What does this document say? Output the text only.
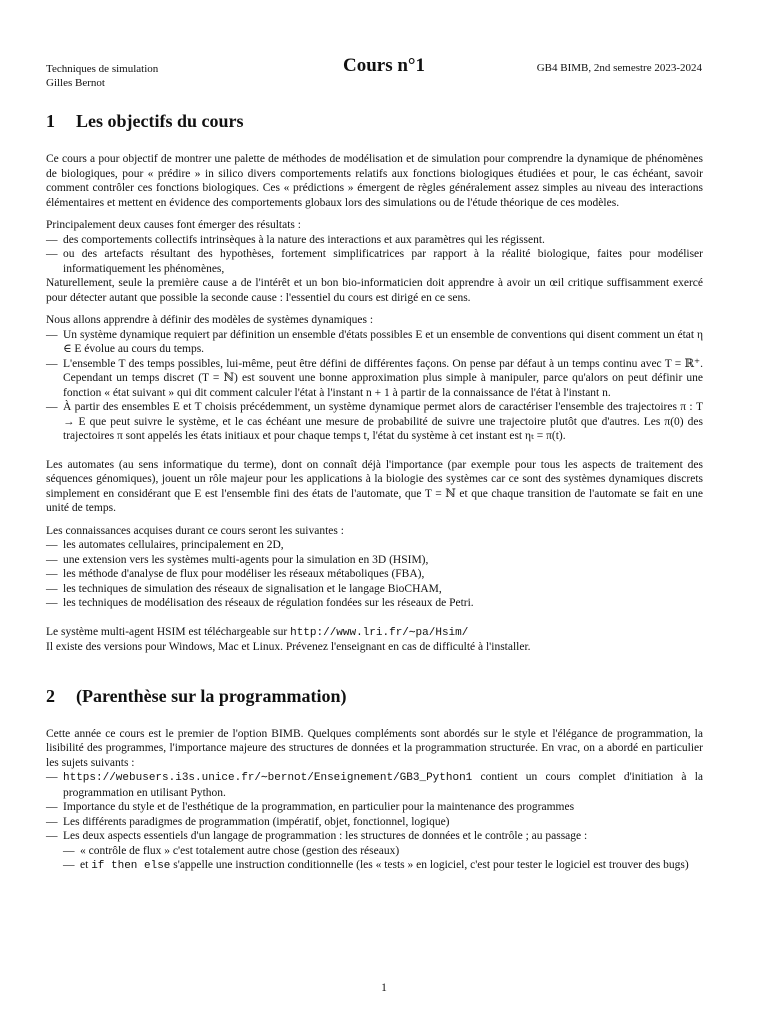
Techniques de simulation
Gilles Bernot
Cours n°1	GB4 BIMB, 2nd semestre 2023-2024
1 Les objectifs du cours

Ce cours a pour objectif de montrer une palette de méthodes de modélisation et de simulation pour comprendre la dynamique de phénomènes de biologiques, pour « prédire » in silico divers comportements relatifs aux fonctions biologiques étudiées et pour, le cas échéant, savoir comment contrôler ces fonctions biologiques. Ces « prédictions » émergent de règles généralement assez simples au niveau des interactions élémentaires et mettent en évidence des comportements globaux lors des simulations ou de l'étude théorique de ces modèles.

Principalement deux causes font émerger des résultats :

— des comportements collectifs intrinsèques à la nature des interactions et aux paramètres qui les régissent.
— ou des artefacts résultant des hypothèses, fortement simplificatrices par rapport à la réalité biologique, faites pour modéliser informatiquement les phénomènes,

Naturellement, seule la première cause a de l'intérêt et un bon bio-informaticien doit apprendre à avoir un œil critique suffisamment exercé pour détecter autant que possible la seconde cause : l'essentiel du cours est dirigé en ce sens.

Nous allons apprendre à définir des modèles de systèmes dynamiques :

— Un système dynamique requiert par définition un ensemble d'états possibles E et un ensemble de conventions qui disent comment un état η ∈ E évolue au cours du temps.
— L'ensemble T des temps possibles, lui-même, peut être défini de différentes façons. On pense par défaut à un temps continu avec T = ℝ⁺. Cependant un temps discret (T = ℕ) est souvent une bonne approximation plus simple à manipuler, parce qu'alors on peut définir une fonction « état suivant » qui dit comment calculer l'état à l'instant n + 1 à partir de la connaissance de l'état à l'instant n.
— À partir des ensembles E et T choisis précédemment, un système dynamique permet alors de caractériser l'ensemble des trajectoires π : T → E que peut suivre le système, et le cas échéant une mesure de probabilité de suivre une trajectoire plutôt que d'autres. Les π(0) des trajectoires π sont appelés les états initiaux et pour chaque temps t, l'état du système à cet instant est ηₜ = π(t).

Les automates (au sens informatique du terme), dont on connaît déjà l'importance (par exemple pour tous les aspects de traitement des séquences génomiques), jouent un rôle majeur pour les applications à la biologie des systèmes car ce sont des systèmes dynamiques discrets simplement en considérant que E est l'ensemble fini des états de l'automate, que T = ℕ et que chaque transition de l'automate se fait en une unité de temps.

Les connaissances acquises durant ce cours seront les suivantes :

— les automates cellulaires, principalement en 2D,
— une extension vers les systèmes multi-agents pour la simulation en 3D (HSIM),
— les méthode d'analyse de flux pour modéliser les réseaux métaboliques (FBA),
— les techniques de simulation des réseaux de signalisation et le langage BioCHAM,
— les techniques de modélisation des réseaux de régulation fondées sur les réseaux de Petri.

Le système multi-agent HSIM est téléchargeable sur http://www.lri.fr/∼pa/Hsim/

Il existe des versions pour Windows, Mac et Linux. Prévenez l'enseignant en cas de difficulté à l'installer.

2 (Parenthèse sur la programmation)

Cette année ce cours est le premier de l'option BIMB. Quelques compléments sont abordés sur le style et l'élégance de programmation, la lisibilité des programmes, l'importance majeure des structures de données et la programmation structurée. En vrac, on a abordé en particulier les sujets suivants :

— https://webusers.i3s.unice.fr/∼bernot/Enseignement/GB3_Python1 contient un cours complet d'initiation à la programmation en utilisant Python.
— Importance du style et de l'esthétique de la programmation, en particulier pour la maintenance des programmes
— Les différents paradigmes de programmation (impératif, objet, fonctionnel, logique)
— Les deux aspects essentiels d'un langage de programmation : les structures de données et le contrôle ; au passage :
— « contrôle de flux » c'est totalement autre chose (gestion des réseaux)
— et if then else s'appelle une instruction conditionnelle (les « tests » en logiciel, c'est pour tester le logiciel est trouver des bugs)
1
